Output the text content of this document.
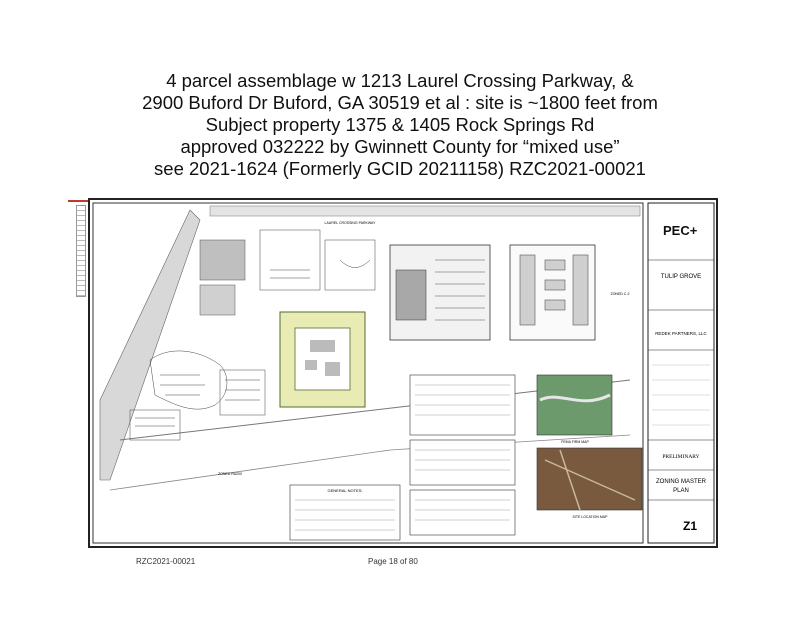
4 parcel assemblage w 1213 Laurel Crossing Parkway, &
2900 Buford Dr Buford, GA 30519 et al : site is ~1800 feet from
Subject property 1375 & 1405 Rock Springs Rd
approved 032222 by Gwinnett County for “mixed use”
see 2021-1624 (Formerly GCID 20211158) RZC2021-00021
PEC+
TULIP GROVE
REDEK PARTNERS, LLC
PRELIMINARY
ZONING MASTER
PLAN
Z1
LAUREL CROSSING PARKWAY
ZONED C-2
ZONED RA200
GENERAL NOTES:
FEMA FIRM MAP
SITE LOCATION MAP
RZC2021-00021	Page 18 of 80
